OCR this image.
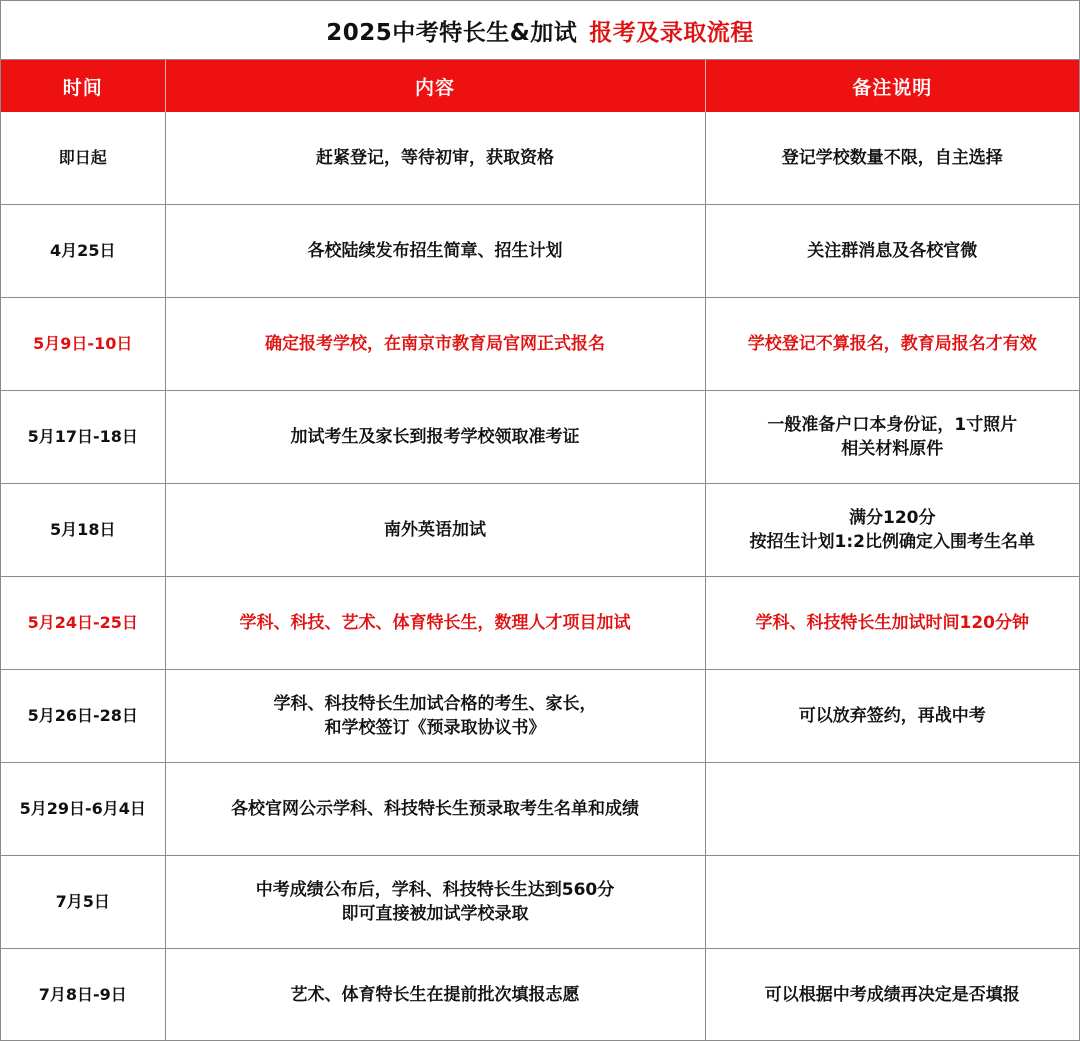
2025中考特长生&加试 报考及录取流程
时间	内容	备注说明
即日起	赶紧登记，等待初审，获取资格	登记学校数量不限，自主选择

4月25日	各校陆续发布招生简章、招生计划	关注群消息及各校官微

5月9日-10日	确定报考学校，在南京市教育局官网正式报名	学校登记不算报名，教育局报名才有效

5月17日-18日	加试考生及家长到报考学校领取准考证	一般准备户口本身份证，1寸照片
相关材料原件

5月18日	南外英语加试	满分120分
按招生计划1:2比例确定入围考生名单

5月24日-25日	学科、科技、艺术、体育特长生，数理人才项目加试	学科、科技特长生加试时间120分钟

5月26日-28日	学科、科技特长生加试合格的考生、家长，
和学校签订《预录取协议书》	可以放弃签约，再战中考

5月29日-6月4日	各校官网公示学科、科技特长生预录取考生名单和成绩	

7月5日	中考成绩公布后，学科、科技特长生达到560分
即可直接被加试学校录取	

7月8日-9日	艺术、体育特长生在提前批次填报志愿	可以根据中考成绩再决定是否填报
